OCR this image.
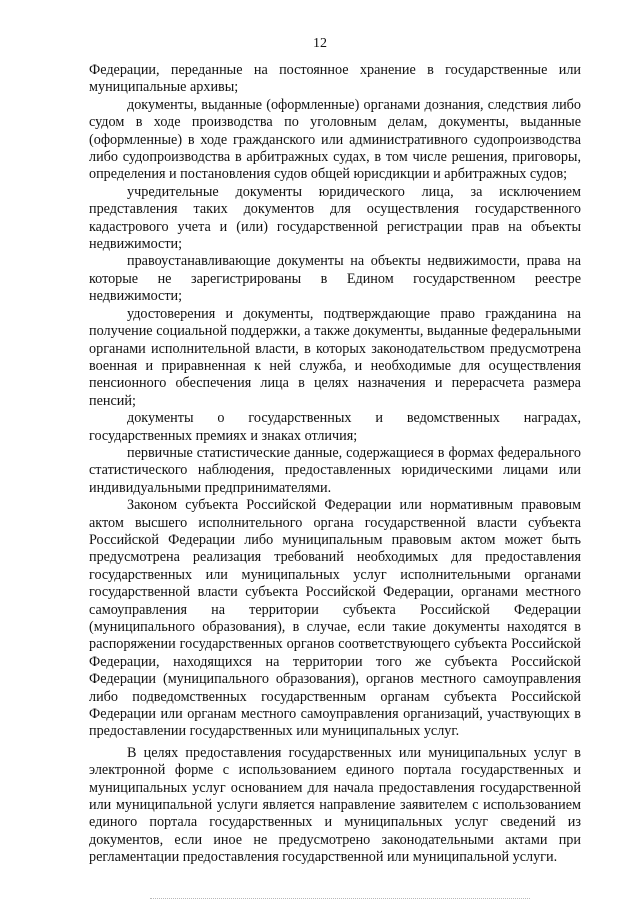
12

Федерации, переданные на постоянное хранение в государственные или муниципальные архивы;

документы, выданные (оформленные) органами дознания, следствия либо судом в ходе производства по уголовным делам, документы, выданные (оформленные) в ходе гражданского или административного судопроизводства либо судопроизводства в арбитражных судах, в том числе решения, приговоры, определения и постановления судов общей юрисдикции и арбитражных судов;

учредительные документы юридического лица, за исключением представления таких документов для осуществления государственного кадастрового учета и (или) государственной регистрации прав на объекты недвижимости;

правоустанавливающие документы на объекты недвижимости, права на которые не зарегистрированы в Едином государственном реестре недвижимости;

удостоверения и документы, подтверждающие право гражданина на получение социальной поддержки, а также документы, выданные федеральными органами исполнительной власти, в которых законодательством предусмотрена военная и приравненная к ней служба, и необходимые для осуществления пенсионного обеспечения лица в целях назначения и перерасчета размера пенсий;

документы о государственных и ведомственных наградах, государственных премиях и знаках отличия;

первичные статистические данные, содержащиеся в формах федерального статистического наблюдения, предоставленных юридическими лицами или индивидуальными предпринимателями.

Законом субъекта Российской Федерации или нормативным правовым актом высшего исполнительного органа государственной власти субъекта Российской Федерации либо муниципальным правовым актом может быть предусмотрена реализация требований необходимых для предоставления государственных или муниципальных услуг исполнительными органами государственной власти субъекта Российской Федерации, органами местного самоуправления на территории субъекта Российской Федерации (муниципального образования), в случае, если такие документы находятся в распоряжении государственных органов соответствующего субъекта Российской Федерации, находящихся на территории того же субъекта Российской Федерации (муниципального образования), органов местного самоуправления либо подведомственных государственным органам субъекта Российской Федерации или органам местного самоуправления организаций, участвующих в предоставлении государственных или муниципальных услуг.

В целях предоставления государственных или муниципальных услуг в электронной форме с использованием единого портала государственных и муниципальных услуг основанием для начала предоставления государственной или муниципальной услуги является направление заявителем с использованием единого портала государственных и муниципальных услуг сведений из документов, если иное не предусмотрено законодательными актами при регламентации предоставления государственной или муниципальной услуги.
